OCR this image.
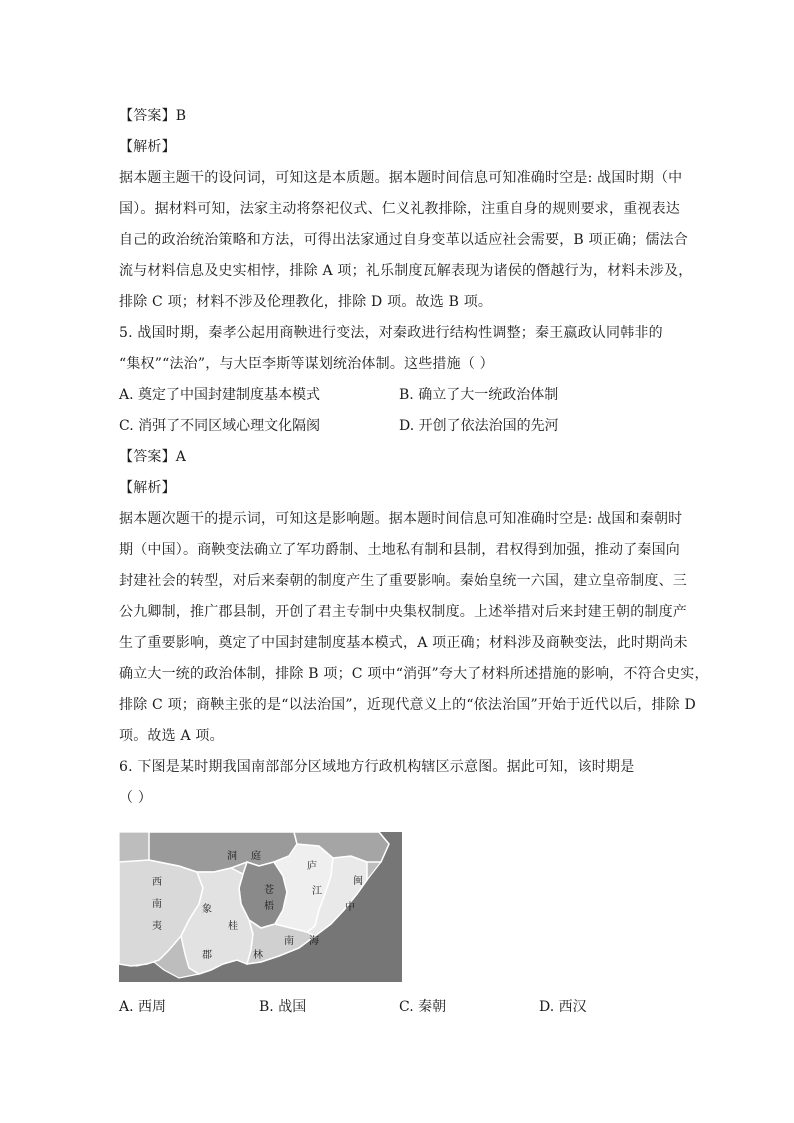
【答案】B
【解析】
据本题主题干的设问词，可知这是本质题。据本题时间信息可知准确时空是: 战国时期（中
国）。据材料可知，法家主动将祭祀仪式、仁义礼教排除，注重自身的规则要求，重视表达
自己的政治统治策略和方法，可得出法家通过自身变革以适应社会需要，B 项正确；儒法合
流与材料信息及史实相悖，排除 A 项；礼乐制度瓦解表现为诸侯的僭越行为，材料未涉及，
排除 C 项；材料不涉及伦理教化，排除 D 项。故选 B 项。
5. 战国时期，秦孝公起用商鞅进行变法，对秦政进行结构性调整；秦王嬴政认同韩非的
“集权”“法治”，与大臣李斯等谋划统治体制。这些措施（ ）
A. 奠定了中国封建制度基本模式	B. 确立了大一统政治体制
C. 消弭了不同区域心理文化隔阂	D. 开创了依法治国的先河
【答案】A
【解析】
据本题次题干的提示词，可知这是影响题。据本题时间信息可知准确时空是: 战国和秦朝时
期（中国）。商鞅变法确立了军功爵制、土地私有制和县制，君权得到加强，推动了秦国向
封建社会的转型，对后来秦朝的制度产生了重要影响。秦始皇统一六国，建立皇帝制度、三
公九卿制，推广郡县制，开创了君主专制中央集权制度。上述举措对后来封建王朝的制度产
生了重要影响，奠定了中国封建制度基本模式，A 项正确；材料涉及商鞅变法，此时期尚未
确立大一统的政治体制，排除 B 项；C 项中“消弭”夸大了材料所述措施的影响，不符合史实，
排除 C 项；商鞅主张的是“以法治国”，近现代意义上的“依法治国”开始于近代以后，排除 D
项。故选 A 项。
6. 下图是某时期我国南部部分区域地方行政机构辖区示意图。据此可知，该时期是
（ ）
洞 庭
庐
江
闽
中
西
南
夷
苍
梧
象
桂
郡	林
南 海
A. 西周	B. 战国	C. 秦朝	D. 西汉
